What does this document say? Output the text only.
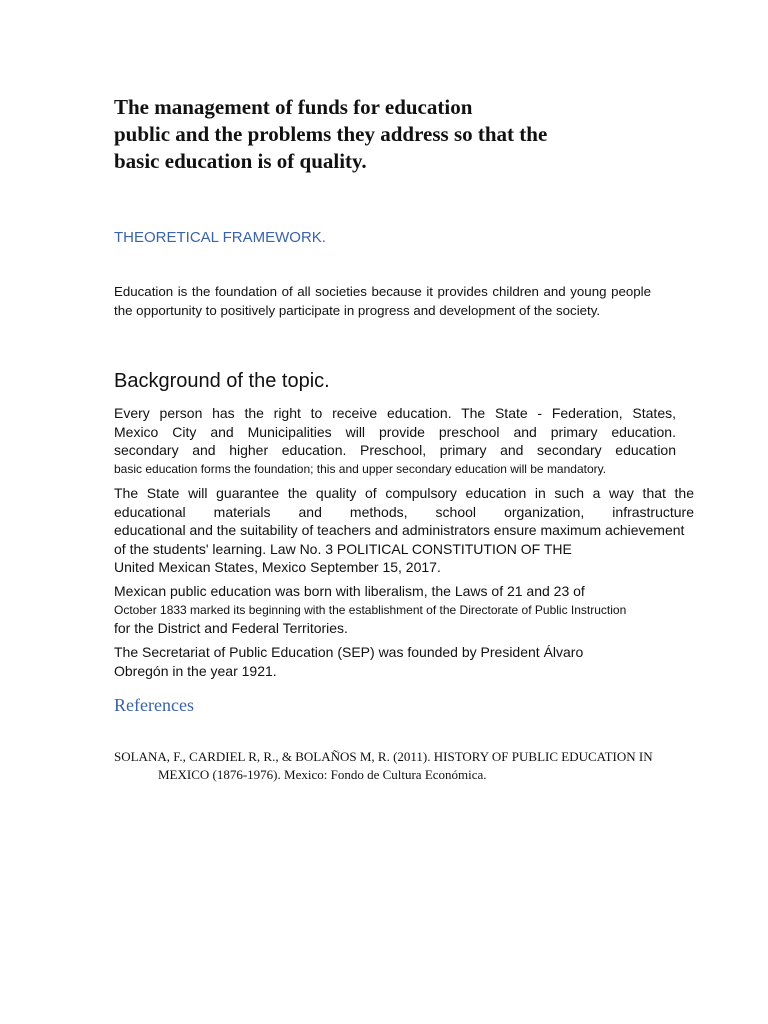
The management of funds for education
public and the problems they address so that the
basic education is of quality.
THEORETICAL FRAMEWORK.

Education is the foundation of all societies because it provides children and young people the opportunity to positively participate in progress and development of the society.

Background of the topic.

Every person has the right to receive education. The State - Federation, States,
Mexico City and Municipalities will provide preschool and primary education.
secondary and higher education. Preschool, primary and secondary education
basic education forms the foundation; this and upper secondary education will be mandatory.

The State will guarantee the quality of compulsory education in such a way that the
educational materials and methods, school organization, infrastructure
educational and the suitability of teachers and administrators ensure maximum achievement
of the students' learning. Law No. 3 POLITICAL CONSTITUTION OF THE
United Mexican States, Mexico September 15, 2017.

Mexican public education was born with liberalism, the Laws of 21 and 23 of
October 1833 marked its beginning with the establishment of the Directorate of Public Instruction
for the District and Federal Territories.

The Secretariat of Public Education (SEP) was founded by President Álvaro
Obregón in the year 1921.

References

SOLANA, F., CARDIEL R, R., & BOLAÑOS M, R. (2011). HISTORY OF PUBLIC EDUCATION IN
MEXICO (1876-1976). Mexico: Fondo de Cultura Económica.
